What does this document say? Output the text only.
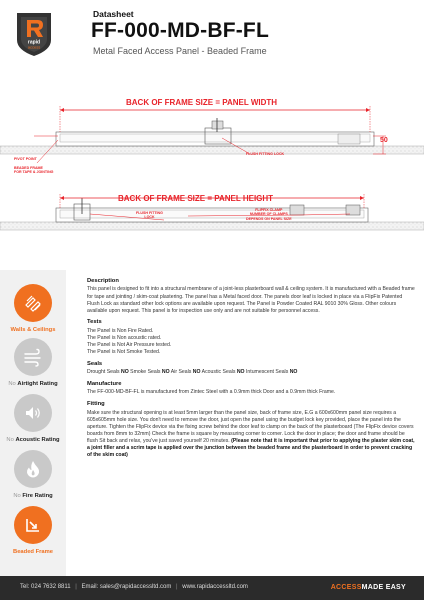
rapid
access
Datasheet
FF-000-MD-BF-FL
Metal Faced Access Panel - Beaded Frame
BACK OF FRAME SIZE = PANEL WIDTH
50
PIVOT POINT
BEADED FRAME
FOR TAPE & JOINTING
FLUSH FITTING LOCK
BACK OF FRAME SIZE = PANEL HEIGHT
FLUSH FITTING
LOCK
FLIPFIX CLAMP
NUMBER OF CLAMPS
DEPENDS ON PANEL SIZE
Walls & Ceilings
No Airtight Rating
No Acoustic Rating
No Fire Rating
Beaded Frame
Description

This panel is designed to fit into a structural membrane of a joint-less plasterboard wall & ceiling system. It is manufactured with a Beaded frame for tape and jointing / skim-coat plastering. The panel has a Metal faced door. The panels door leaf is locked in place via a FlipFix Patented Flush Lock as standard other lock options are available upon request. The Panel is Powder Coated RAL 9010 30% Gloss. Other colours available upon request. This panel is for inspection use only and are not suitable for personnel access.

Tests

The Panel is Non Fire Rated.

The Panel is Non acoustic rated.

The Panel is Not Air Pressure tested.

The Panel is Not Smoke Tested.

Seals

Drought Seals NO Smoke Seals NO Air Seals NO Acoustic Seals NO Intumescent Seals NO

Manufacture

The FF-000-MD-BF-FL is manufactured from Zintec Steel with a 0.9mm thick Door and a 0.9mm thick Frame.

Fitting

Make sure the structural opening is at least 5mm larger than the panel size, back of frame size, E.G a 600x600mm panel size requires a 605x605mm hole size. You don't need to remove the door, just open the panel using the budget lock key provided, place the panel into the aperture. Tighten the FlipFix device via the fixing screw behind the door leaf to clamp on the back of the plasterboard (The FlipFix device covers boards from 8mm to 32mm) Check the frame is square by measuring corner to corner. Lock the door in place; the door and frame should be flush Sit back and relax, you've just saved yourself 20 minutes. (Please note that it is important that prior to applying the plaster skim coat, a joint filler and a scrim tape is applied over the junction between the beaded frame and the plasterboard in order to prevent cracking of the skim coat)

Tel: 024 7632 8811 | Email: sales@rapidaccessltd.com | www.rapidaccessltd.com	ACCESSMADE EASY
